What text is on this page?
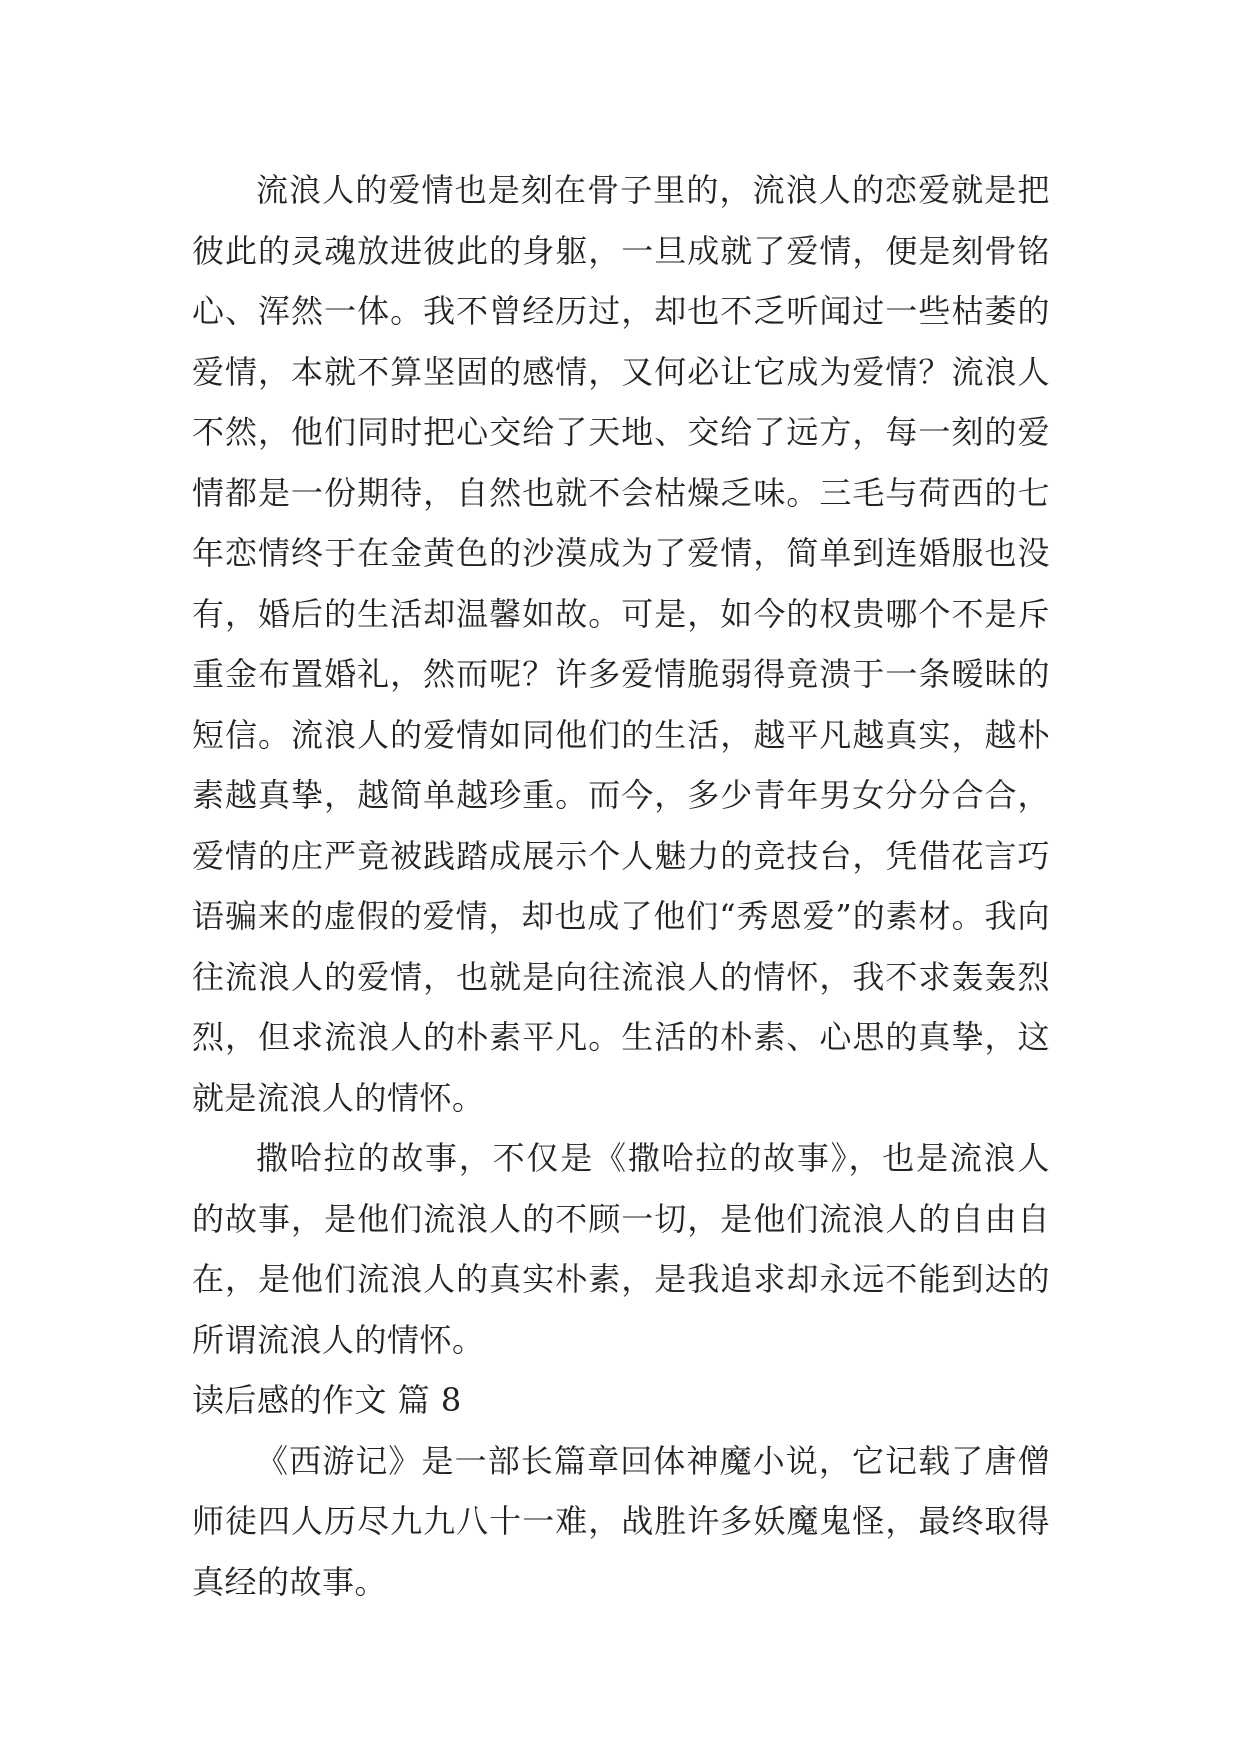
流浪人的爱情也是刻在骨子里的，流浪人的恋爱就是把彼此的灵魂放进彼此的身躯，一旦成就了爱情，便是刻骨铭心、浑然一体。我不曾经历过，却也不乏听闻过一些枯萎的爱情，本就不算坚固的感情，又何必让它成为爱情？流浪人不然，他们同时把心交给了天地、交给了远方，每一刻的爱情都是一份期待，自然也就不会枯燥乏味。三毛与荷西的七年恋情终于在金黄色的沙漠成为了爱情，简单到连婚服也没有，婚后的生活却温馨如故。可是，如今的权贵哪个不是斥重金布置婚礼，然而呢？许多爱情脆弱得竟溃于一条暧昧的短信。流浪人的爱情如同他们的生活，越平凡越真实，越朴素越真挚，越简单越珍重。而今，多少青年男女分分合合，爱情的庄严竟被践踏成展示个人魅力的竞技台，凭借花言巧语骗来的虚假的爱情，却也成了他们“秀恩爱”的素材。我向往流浪人的爱情，也就是向往流浪人的情怀，我不求轰轰烈烈，但求流浪人的朴素平凡。生活的朴素、心思的真挚，这就是流浪人的情怀。

撒哈拉的故事，不仅是《撒哈拉的故事》，也是流浪人的故事，是他们流浪人的不顾一切，是他们流浪人的自由自在，是他们流浪人的真实朴素，是我追求却永远不能到达的所谓流浪人的情怀。

读后感的作文 篇 8

《西游记》是一部长篇章回体神魔小说，它记载了唐僧师徒四人历尽九九八十一难，战胜许多妖魔鬼怪，最终取得真经的故事。
